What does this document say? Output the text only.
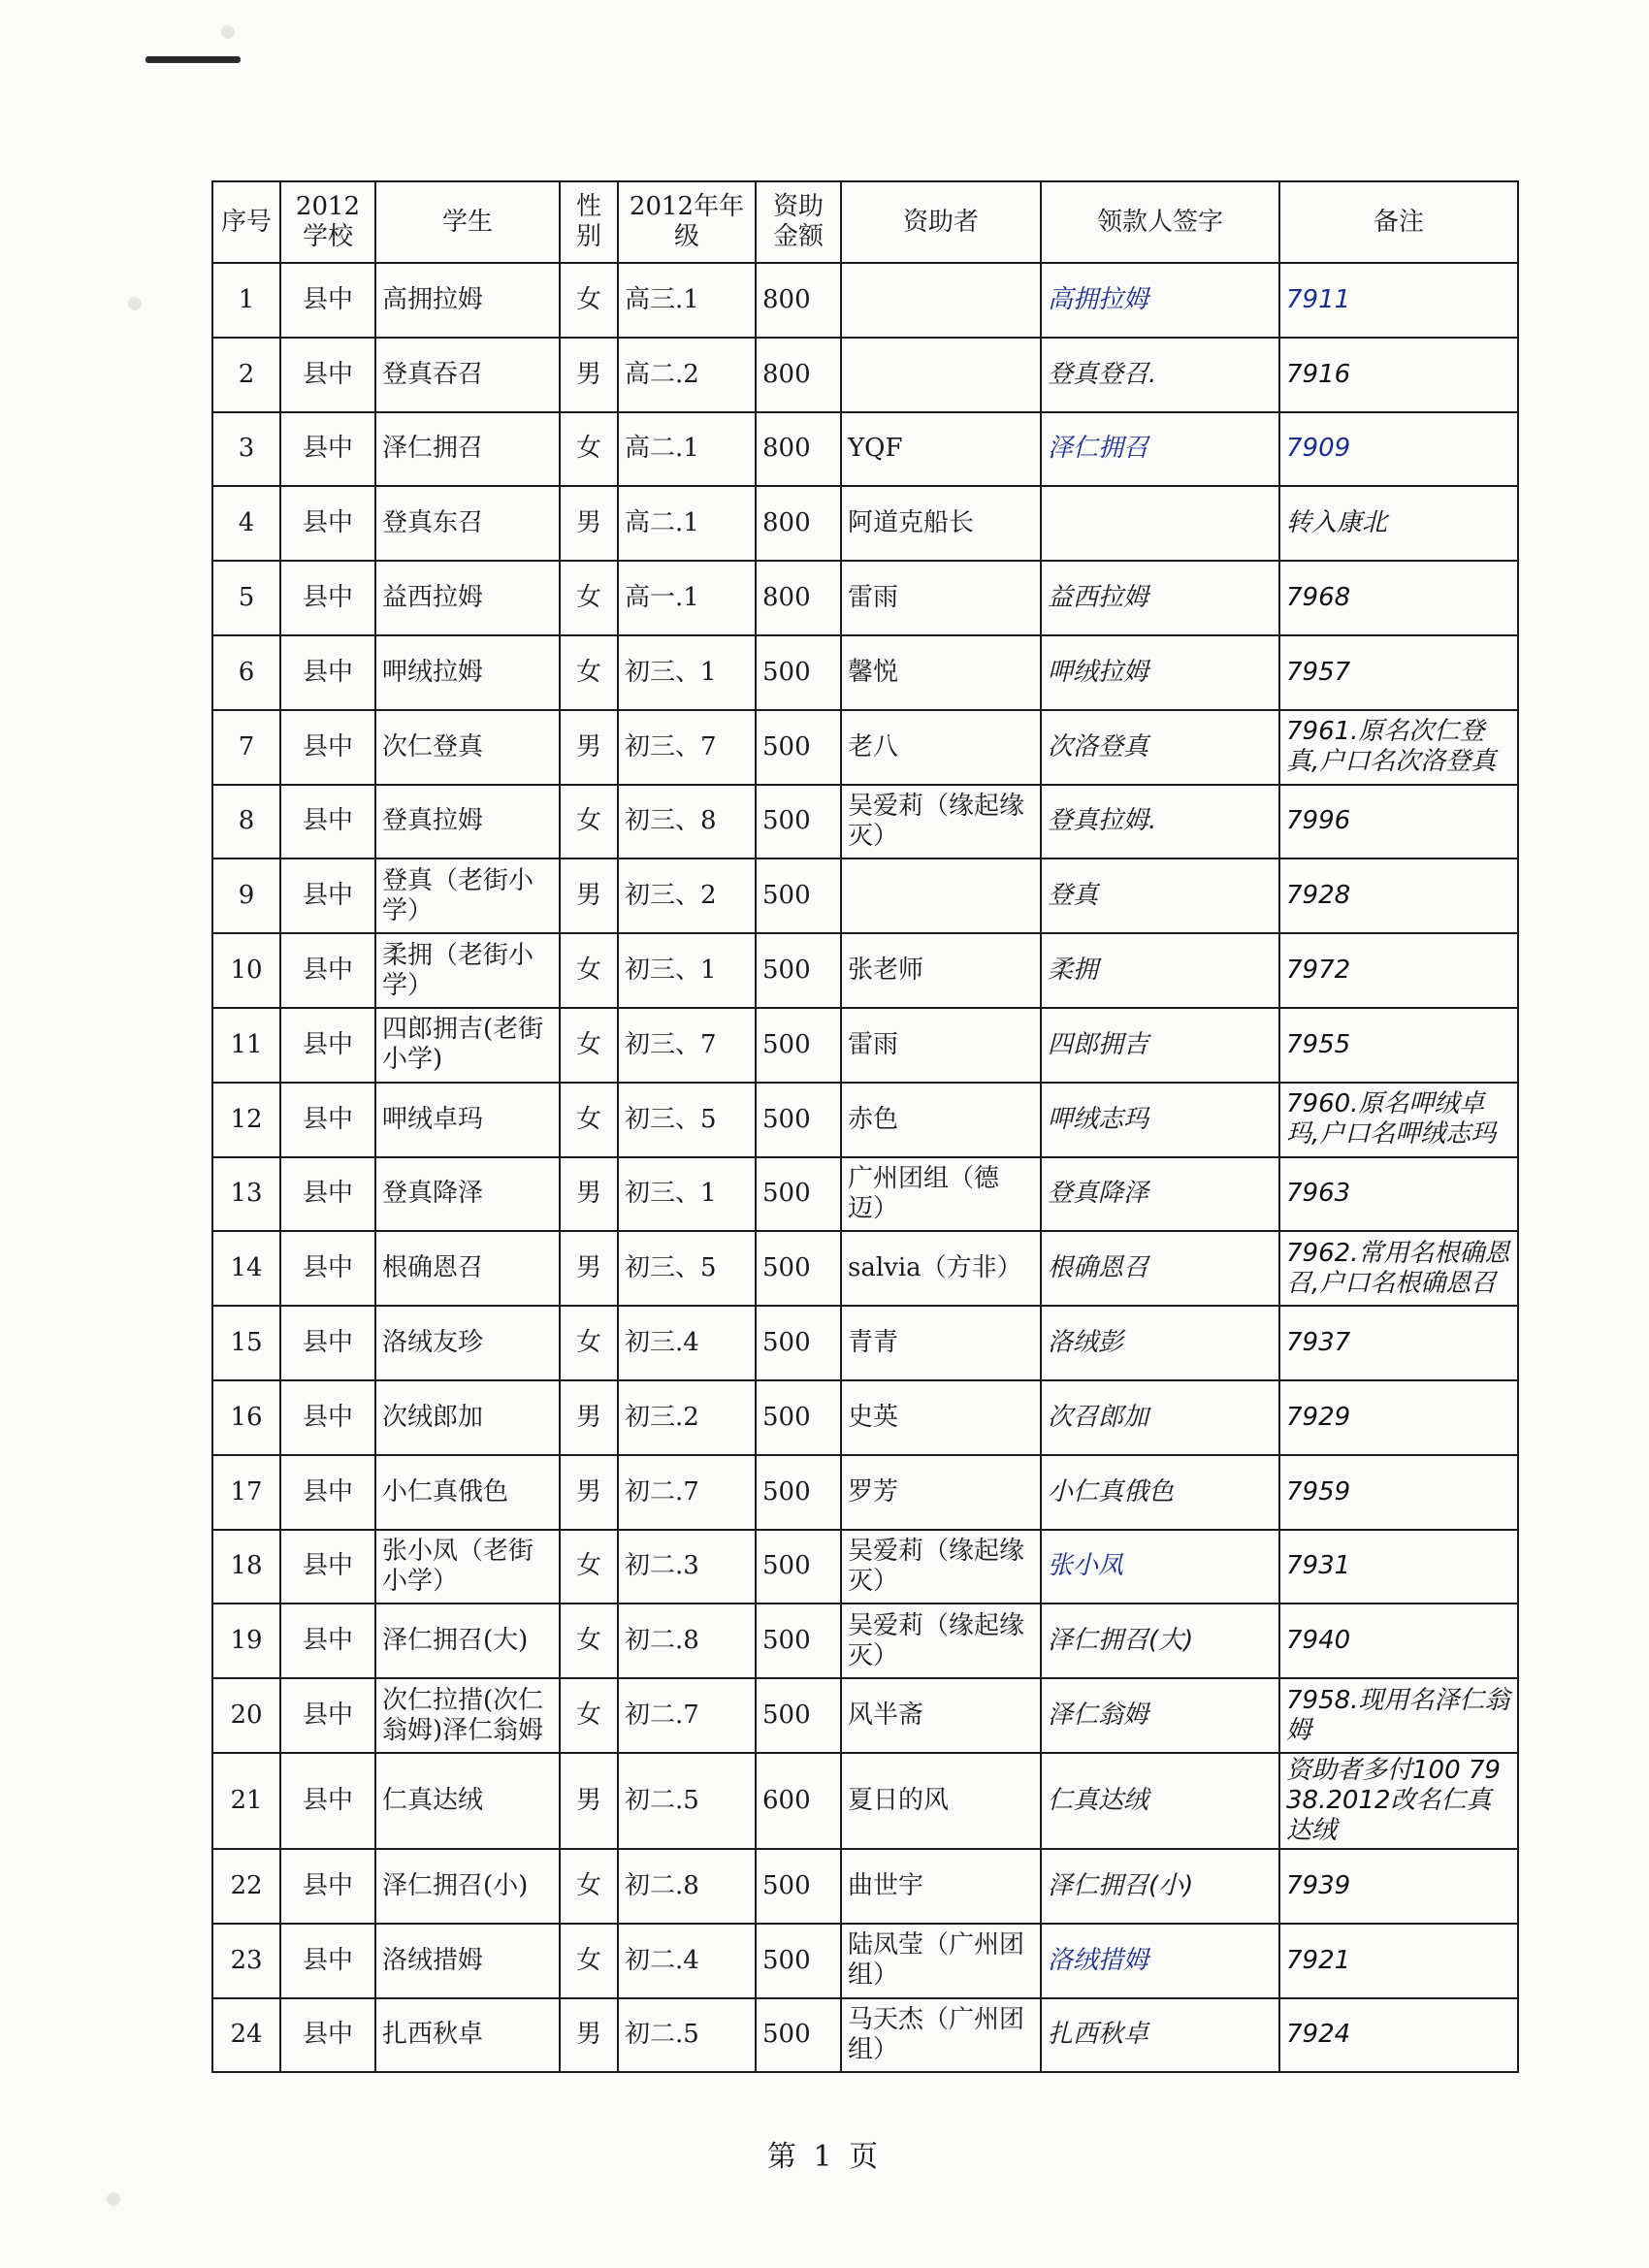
序号	2012学校	学生	性别	2012年年级	资助金额	资助者	领款人签字	备注
1	县中	高拥拉姆	女	高三.1	800		高拥拉姆	7911
2	县中	登真吞召	男	高二.2	800		登真登召.	7916
3	县中	泽仁拥召	女	高二.1	800	YQF	泽仁拥召	7909
4	县中	登真东召	男	高二.1	800	阿道克船长		转入康北
5	县中	益西拉姆	女	高一.1	800	雷雨	益西拉姆	7968
6	县中	呷绒拉姆	女	初三、1	500	馨悦	呷绒拉姆	7957
7	县中	次仁登真	男	初三、7	500	老八	次洛登真	7961.原名次仁登真,户口名次洛登真
8	县中	登真拉姆	女	初三、8	500	吴爱莉（缘起缘灭）	登真拉姆.	7996
9	县中	登真（老街小学）	男	初三、2	500		登真	7928
10	县中	柔拥（老街小学）	女	初三、1	500	张老师	柔拥	7972
11	县中	四郎拥吉(老街小学)	女	初三、7	500	雷雨	四郎拥吉	7955
12	县中	呷绒卓玛	女	初三、5	500	赤色	呷绒志玛	7960.原名呷绒卓玛,户口名呷绒志玛
13	县中	登真降泽	男	初三、1	500	广州团组（德迈）	登真降泽	7963
14	县中	根确恩召	男	初三、5	500	salvia（方非）	根确恩召	7962.常用名根确恩召,户口名根确恩召
15	县中	洛绒友珍	女	初三.4	500	青青	洛绒彭	7937
16	县中	次绒郎加	男	初三.2	500	史英	次召郎加	7929
17	县中	小仁真俄色	男	初二.7	500	罗芳	小仁真俄色	7959
18	县中	张小凤（老街小学）	女	初二.3	500	吴爱莉（缘起缘灭）	张小凤	7931
19	县中	泽仁拥召(大)	女	初二.8	500	吴爱莉（缘起缘灭）	泽仁拥召(大)	7940
20	县中	次仁拉措(次仁翁姆)泽仁翁姆	女	初二.7	500	风半斋	泽仁翁姆	7958.现用名泽仁翁姆
21	县中	仁真达绒	男	初二.5	600	夏日的风	仁真达绒	资助者多付100 7938.2012改名仁真达绒
22	县中	泽仁拥召(小)	女	初二.8	500	曲世宇	泽仁拥召(小)	7939
23	县中	洛绒措姆	女	初二.4	500	陆凤莹（广州团组）	洛绒措姆	7921
24	县中	扎西秋卓	男	初二.5	500	马天杰（广州团组）	扎西秋卓	7924
第 1 页
